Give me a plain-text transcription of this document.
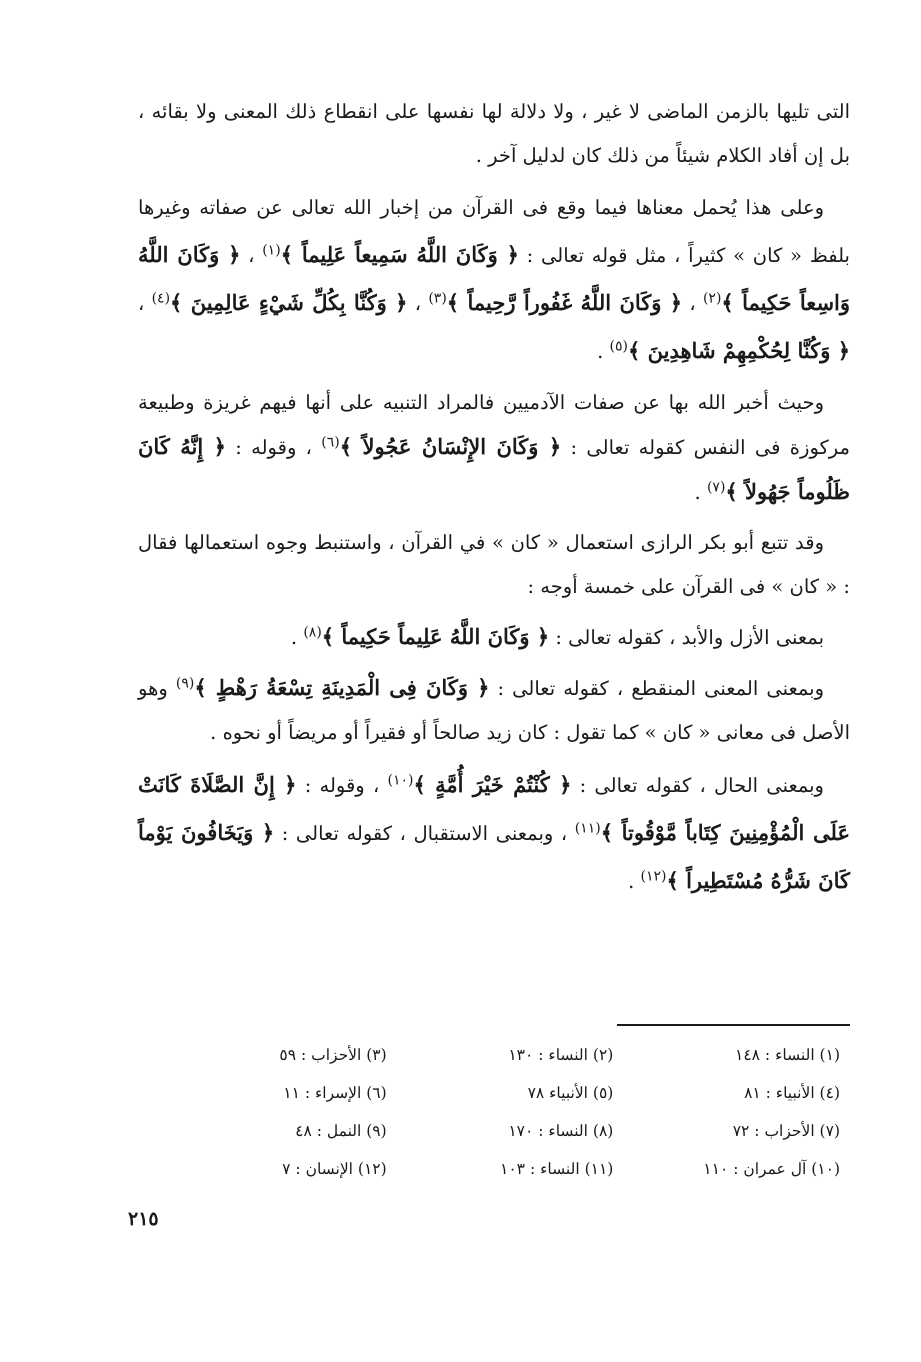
التى تليها بالزمن الماضى لا غير ، ولا دلالة لها نفسها على انقطاع ذلك المعنى ولا بقائه ، بل إن أفاد الكلام شيئاً من ذلك كان لدليل آخر .

وعلى هذا يُحمل معناها فيما وقع فى القرآن من إخبار الله تعالى عن صفاته وغيرها بلفظ « كان » كثيراً ، مثل قوله تعالى : ﴿ وَكَانَ اللَّهُ سَمِيعاً عَلِيماً ﴾$^{(١)}$ ، ﴿ وَكَانَ اللَّهُ وَاسِعاً حَكِيماً ﴾$^{(٢)}$ ، ﴿ وَكَانَ اللَّهُ غَفُوراً رَّحِيماً ﴾$^{(٣)}$ ، ﴿ وَكُنَّا بِكُلِّ شَيْءٍ عَالِمِينَ ﴾$^{(٤)}$ ، ﴿ وَكُنَّا لِحُكْمِهِمْ شَاهِدِينَ ﴾$^{(٥)}$ .

وحيث أخبر الله بها عن صفات الآدميين فالمراد التنبيه على أنها فيهم غريزة وطبيعة مركوزة فى النفس كقوله تعالى : ﴿ وَكَانَ الإِنْسَانُ عَجُولاً ﴾$^{(٦)}$ ، وقوله : ﴿ إِنَّهُ كَانَ ظَلُوماً جَهُولاً ﴾$^{(٧)}$ .

وقد تتبع أبو بكر الرازى استعمال « كان » في القرآن ، واستنبط وجوه استعمالها فقال : « كان » فى القرآن على خمسة أوجه :

بمعنى الأزل والأبد ، كقوله تعالى : ﴿ وَكَانَ اللَّهُ عَلِيماً حَكِيماً ﴾$^{(٨)}$ .

وبمعنى المعنى المنقطع ، كقوله تعالى : ﴿ وَكَانَ فِى الْمَدِينَةِ تِسْعَةُ رَهْطٍ ﴾$^{(٩)}$ وهو الأصل فى معانى « كان » كما تقول : كان زيد صالحاً أو فقيراً أو مريضاً أو نحوه .

وبمعنى الحال ، كقوله تعالى : ﴿ كُنْتُمْ خَيْرَ أُمَّةٍ ﴾$^{(١٠)}$ ، وقوله : ﴿ إِنَّ الصَّلَاةَ كَانَتْ عَلَى الْمُؤْمِنِينَ كِتَاباً مَّوْقُوتاً ﴾$^{(١١)}$ ، وبمعنى الاستقبال ، كقوله تعالى : ﴿ وَيَخَافُونَ يَوْماً كَانَ شَرُّهُ مُسْتَطِيراً ﴾$^{(١٢)}$ .

(١) النساء : ١٤٨
(٢) النساء : ١٣٠
(٣) الأحزاب : ٥٩
(٤) الأنبياء : ٨١
(٥) الأنبياء ٧٨
(٦) الإسراء : ١١
(٧) الأحزاب : ٧٢
(٨) النساء : ١٧٠
(٩) النمل : ٤٨
(١٠) آل عمران : ١١٠
(١١) النساء : ١٠٣
(١٢) الإنسان : ٧
٢١٥
